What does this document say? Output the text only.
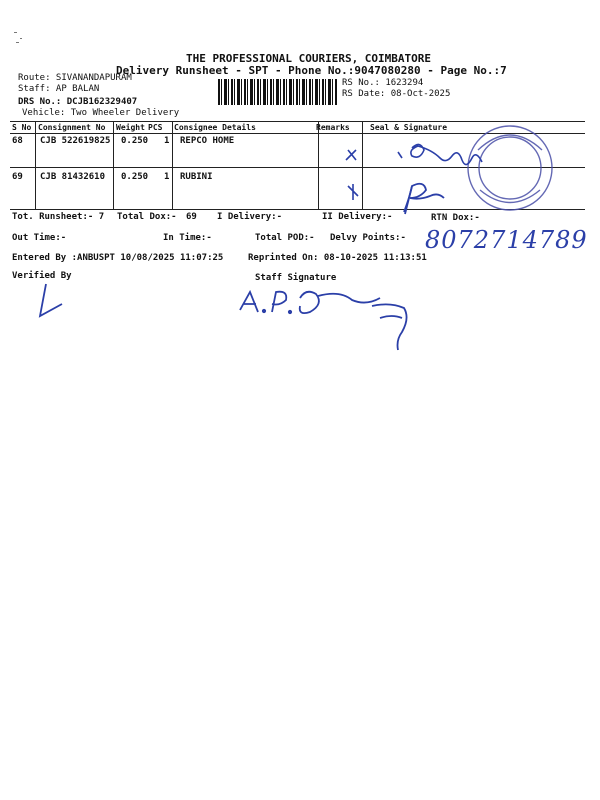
THE PROFESSIONAL COURIERS, COIMBATORE
Delivery Runsheet - SPT - Phone No.:9047080280 - Page No.:7
Route: SIVANANDAPURAM
Staff: AP BALAN
DRS No.: DCJB162329407
Vehicle: Two Wheeler Delivery
RS No.: 1623294
RS Date: 08-Oct-2025
S No Consignment No Weight PCS Consignee Details	Remarks	Seal & Signature
68 CJB 522619825 0.250 1 REPCO HOME
69 CJB 81432610 0.250 1 RUBINI
Tot. Runsheet:- 7 Total Dox:- 69 I Delivery:-	II Delivery:-	RTN Dox:-
Out Time:-	In Time:-	Total POD:- Delvy Points:-
Entered By :ANBUSPT 10/08/2025 11:07:25	Reprinted On: 08-10-2025 11:13:51
Verified By	Staff Signature
8072714789
